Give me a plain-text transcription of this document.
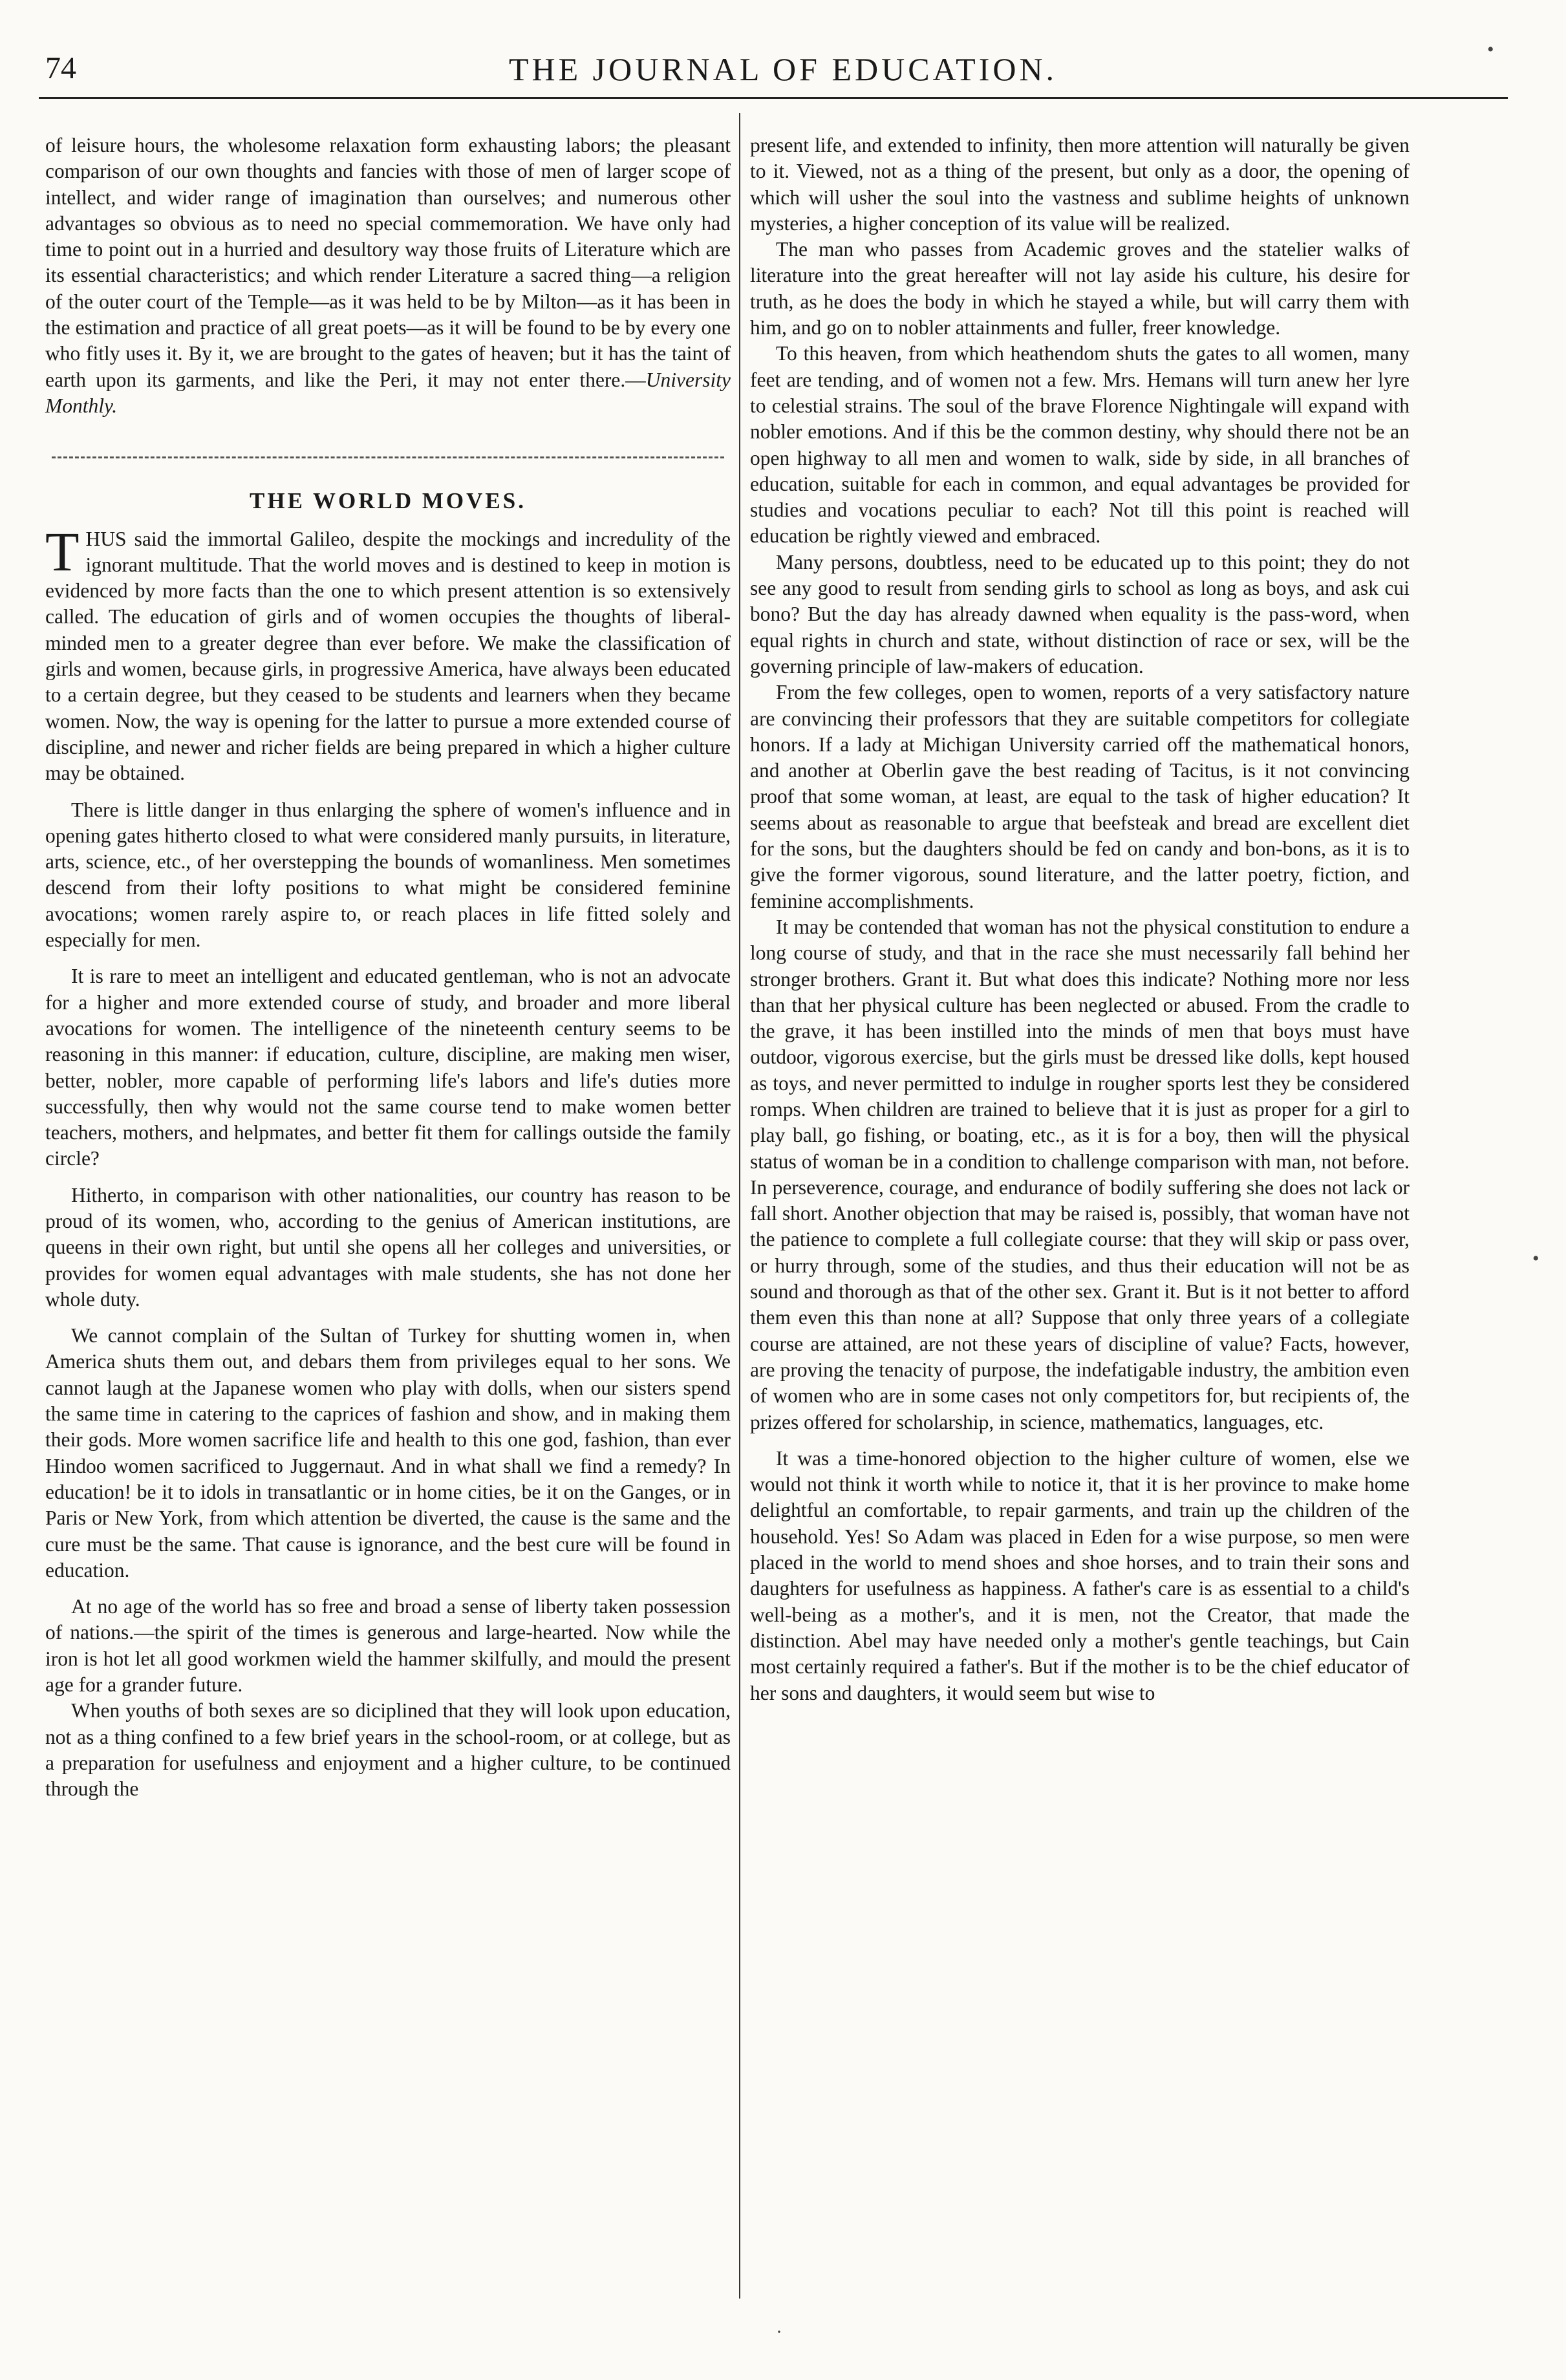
74	THE JOURNAL OF EDUCATION.

of leisure hours, the wholesome relaxation form exhausting labors; the pleasant comparison of our own thoughts and fancies with those of men of larger scope of intellect, and wider range of imagination than ourselves; and numerous other advantages so obvious as to need no special commemoration. We have only had time to point out in a hurried and desultory way those fruits of Literature which are its essential characteristics; and which render Literature a sacred thing—a religion of the outer court of the Temple—as it was held to be by Milton—as it has been in the estimation and practice of all great poets—as it will be found to be by every one who fitly uses it. By it, we are brought to the gates of heaven; but it has the taint of earth upon its garments, and like the Peri, it may not enter there.—University Monthly.

THE WORLD MOVES.

THUS said the immortal Galileo, despite the mockings and incredulity of the ignorant multitude. That the world moves and is destined to keep in motion is evidenced by more facts than the one to which present attention is so extensively called. The education of girls and of women occupies the thoughts of liberal-minded men to a greater degree than ever before. We make the classification of girls and women, because girls, in progressive America, have always been educated to a certain degree, but they ceased to be students and learners when they became women. Now, the way is opening for the latter to pursue a more extended course of discipline, and newer and richer fields are being prepared in which a higher culture may be obtained.

There is little danger in thus enlarging the sphere of women's influence and in opening gates hitherto closed to what were considered manly pursuits, in literature, arts, science, etc., of her overstepping the bounds of womanliness. Men sometimes descend from their lofty positions to what might be considered feminine avocations; women rarely aspire to, or reach places in life fitted solely and especially for men.

It is rare to meet an intelligent and educated gentleman, who is not an advocate for a higher and more extended course of study, and broader and more liberal avocations for women. The intelligence of the nineteenth century seems to be reasoning in this manner: if education, culture, discipline, are making men wiser, better, nobler, more capable of performing life's labors and life's duties more successfully, then why would not the same course tend to make women better teachers, mothers, and helpmates, and better fit them for callings outside the family circle?

Hitherto, in comparison with other nationalities, our country has reason to be proud of its women, who, according to the genius of American institutions, are queens in their own right, but until she opens all her colleges and universities, or provides for women equal advantages with male students, she has not done her whole duty.

We cannot complain of the Sultan of Turkey for shutting women in, when America shuts them out, and debars them from privileges equal to her sons. We cannot laugh at the Japanese women who play with dolls, when our sisters spend the same time in catering to the caprices of fashion and show, and in making them their gods. More women sacrifice life and health to this one god, fashion, than ever Hindoo women sacrificed to Juggernaut. And in what shall we find a remedy? In education! be it to idols in transatlantic or in home cities, be it on the Ganges, or in Paris or New York, from which attention be diverted, the cause is the same and the cure must be the same. That cause is ignorance, and the best cure will be found in education.

At no age of the world has so free and broad a sense of liberty taken possession of nations.—the spirit of the times is generous and large-hearted. Now while the iron is hot let all good workmen wield the hammer skilfully, and mould the present age for a grander future.

When youths of both sexes are so diciplined that they will look upon education, not as a thing confined to a few brief years in the school-room, or at college, but as a preparation for usefulness and enjoyment and a higher culture, to be continued through the

present life, and extended to infinity, then more attention will naturally be given to it. Viewed, not as a thing of the present, but only as a door, the opening of which will usher the soul into the vastness and sublime heights of unknown mysteries, a higher conception of its value will be realized.

The man who passes from Academic groves and the statelier walks of literature into the great hereafter will not lay aside his culture, his desire for truth, as he does the body in which he stayed a while, but will carry them with him, and go on to nobler attainments and fuller, freer knowledge.

To this heaven, from which heathendom shuts the gates to all women, many feet are tending, and of women not a few. Mrs. Hemans will turn anew her lyre to celestial strains. The soul of the brave Florence Nightingale will expand with nobler emotions. And if this be the common destiny, why should there not be an open highway to all men and women to walk, side by side, in all branches of education, suitable for each in common, and equal advantages be provided for studies and vocations peculiar to each? Not till this point is reached will education be rightly viewed and embraced.

Many persons, doubtless, need to be educated up to this point; they do not see any good to result from sending girls to school as long as boys, and ask cui bono? But the day has already dawned when equality is the pass-word, when equal rights in church and state, without distinction of race or sex, will be the governing principle of law-makers of education.

From the few colleges, open to women, reports of a very satisfactory nature are convincing their professors that they are suitable competitors for collegiate honors. If a lady at Michigan University carried off the mathematical honors, and another at Oberlin gave the best reading of Tacitus, is it not convincing proof that some woman, at least, are equal to the task of higher education? It seems about as reasonable to argue that beefsteak and bread are excellent diet for the sons, but the daughters should be fed on candy and bon-bons, as it is to give the former vigorous, sound literature, and the latter poetry, fiction, and feminine accomplishments.

It may be contended that woman has not the physical constitution to endure a long course of study, and that in the race she must necessarily fall behind her stronger brothers. Grant it. But what does this indicate? Nothing more nor less than that her physical culture has been neglected or abused. From the cradle to the grave, it has been instilled into the minds of men that boys must have outdoor, vigorous exercise, but the girls must be dressed like dolls, kept housed as toys, and never permitted to indulge in rougher sports lest they be considered romps. When children are trained to believe that it is just as proper for a girl to play ball, go fishing, or boating, etc., as it is for a boy, then will the physical status of woman be in a condition to challenge comparison with man, not before. In perseverence, courage, and endurance of bodily suffering she does not lack or fall short. Another objection that may be raised is, possibly, that woman have not the patience to complete a full collegiate course: that they will skip or pass over, or hurry through, some of the studies, and thus their education will not be as sound and thorough as that of the other sex. Grant it. But is it not better to afford them even this than none at all? Suppose that only three years of a collegiate course are attained, are not these years of discipline of value? Facts, however, are proving the tenacity of purpose, the indefatigable industry, the ambition even of women who are in some cases not only competitors for, but recipients of, the prizes offered for scholarship, in science, mathematics, languages, etc.

It was a time-honored objection to the higher culture of women, else we would not think it worth while to notice it, that it is her province to make home delightful an comfortable, to repair garments, and train up the children of the household. Yes! So Adam was placed in Eden for a wise purpose, so men were placed in the world to mend shoes and shoe horses, and to train their sons and daughters for usefulness as happiness. A father's care is as essential to a child's well-being as a mother's, and it is men, not the Creator, that made the distinction. Abel may have needed only a mother's gentle teachings, but Cain most certainly required a father's. But if the mother is to be the chief educator of her sons and daughters, it would seem but wise to

•
•
·
